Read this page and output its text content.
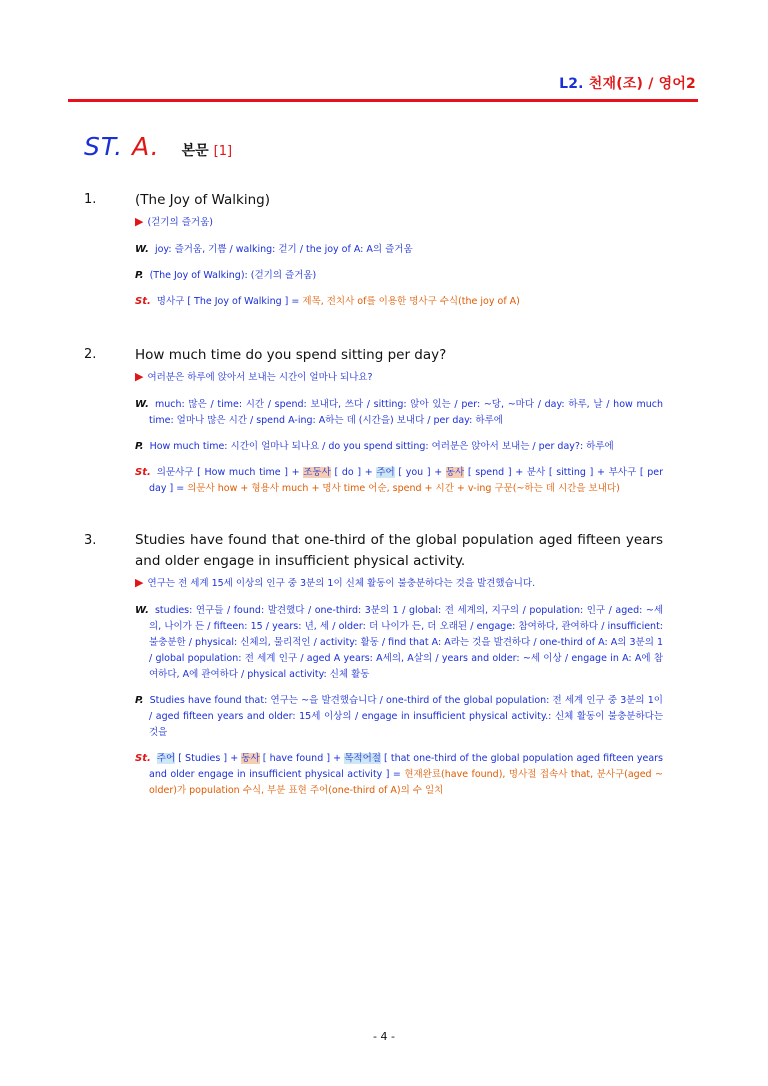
L2. 천재(조) / 영어2
ST. A. 본문 [1]
1.	(The Joy of Walking)
▶ (걷기의 즐거움)
W. joy: 즐거움, 기쁨 / walking: 걷기 / the joy of A: A의 즐거움
P. (The Joy of Walking): (걷기의 즐거움)
St. 명사구 [ The Joy of Walking ] = 제목, 전치사 of를 이용한 명사구 수식(the joy of A)
2.	How much time do you spend sitting per day?
▶ 여러분은 하루에 앉아서 보내는 시간이 얼마나 되나요?
W. much: 많은 / time: 시간 / spend: 보내다, 쓰다 / sitting: 앉아 있는 / per: ~당, ~마다 / day: 하루, 날 / how much time: 얼마나 많은 시간 / spend A-ing: A하는 데 (시간을) 보내다 / per day: 하루에
P. How much time: 시간이 얼마나 되나요 / do you spend sitting: 여러분은 앉아서 보내는 / per day?: 하루에
St. 의문사구 [ How much time ] + 조동사 [ do ] + 주어 [ you ] + 동사 [ spend ] + 분사 [ sitting ] + 부사구 [ per day ] = 의문사 how + 형용사 much + 명사 time 어순, spend + 시간 + v-ing 구문(~하는 데 시간을 보내다)
3.	Studies have found that one-third of the global population aged fifteen years and older engage in insufficient physical activity.
▶ 연구는 전 세계 15세 이상의 인구 중 3분의 1이 신체 활동이 불충분하다는 것을 발견했습니다.
W. studies: 연구들 / found: 발견했다 / one-third: 3분의 1 / global: 전 세계의, 지구의 / population: 인구 / aged: ~세의, 나이가 든 / fifteen: 15 / years: 년, 세 / older: 더 나이가 든, 더 오래된 / engage: 참여하다, 관여하다 / insufficient: 불충분한 / physical: 신체의, 물리적인 / activity: 활동 / find that A: A라는 것을 발견하다 / one-third of A: A의 3분의 1 / global population: 전 세계 인구 / aged A years: A세의, A살의 / years and older: ~세 이상 / engage in A: A에 참여하다, A에 관여하다 / physical activity: 신체 활동
P. Studies have found that: 연구는 ~을 발견했습니다 / one-third of the global population: 전 세계 인구 중 3분의 1이 / aged fifteen years and older: 15세 이상의 / engage in insufficient physical activity.: 신체 활동이 불충분하다는 것을
St. 주어 [ Studies ] + 동사 [ have found ] + 목적어절 [ that one-third of the global population aged fifteen years and older engage in insufficient physical activity ] = 현재완료(have found), 명사절 접속사 that, 분사구(aged ~ older)가 population 수식, 부분 표현 주어(one-third of A)의 수 일치
- 4 -
